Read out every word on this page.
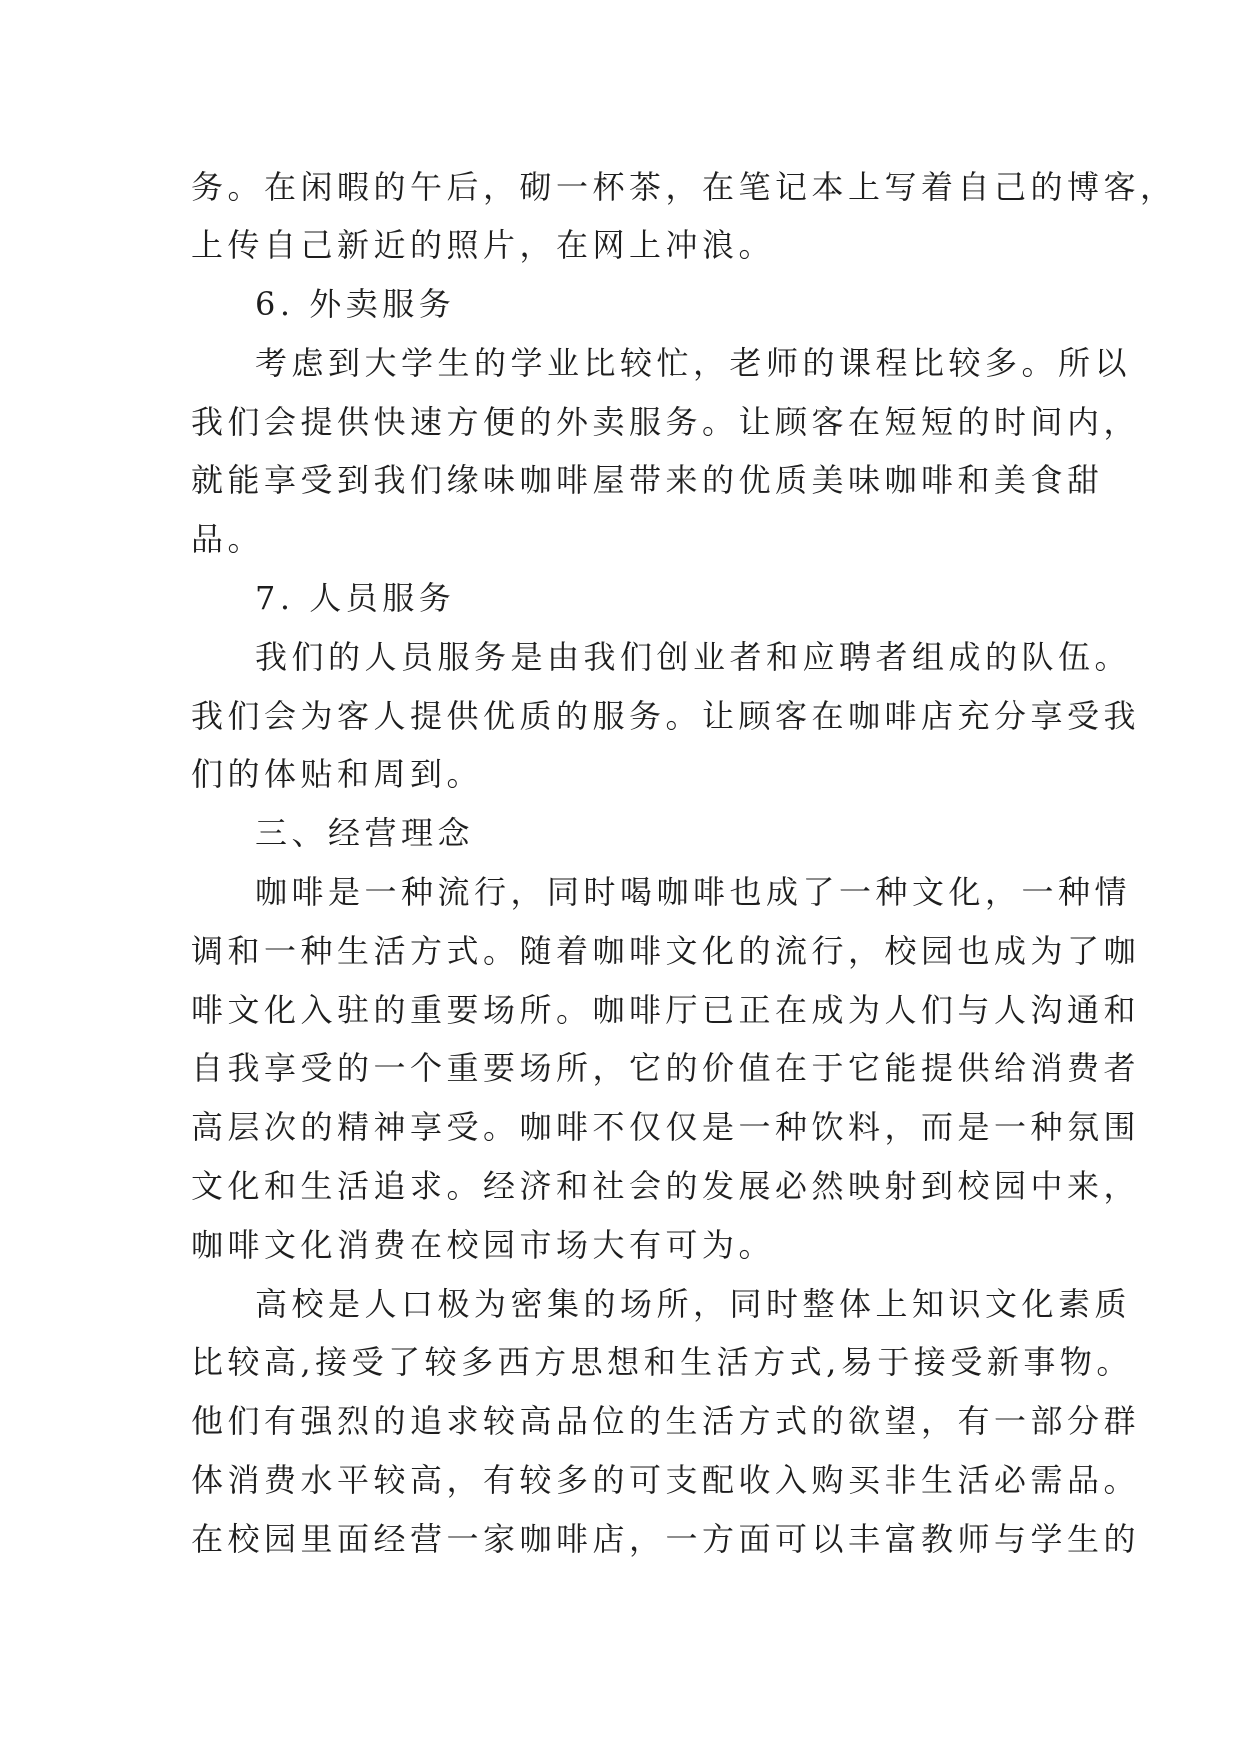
务。在闲暇的午后，砌一杯茶，在笔记本上写着自己的博客，
上传自己新近的照片，在网上冲浪。
6. 外卖服务
考虑到大学生的学业比较忙，老师的课程比较多。所以
我们会提供快速方便的外卖服务。让顾客在短短的时间内，
就能享受到我们缘味咖啡屋带来的优质美味咖啡和美食甜
品。
7. 人员服务
我们的人员服务是由我们创业者和应聘者组成的队伍。
我们会为客人提供优质的服务。让顾客在咖啡店充分享受我
们的体贴和周到。
三、经营理念
咖啡是一种流行，同时喝咖啡也成了一种文化，一种情
调和一种生活方式。随着咖啡文化的流行，校园也成为了咖
啡文化入驻的重要场所。咖啡厅已正在成为人们与人沟通和
自我享受的一个重要场所，它的价值在于它能提供给消费者
高层次的精神享受。咖啡不仅仅是一种饮料，而是一种氛围
文化和生活追求。经济和社会的发展必然映射到校园中来，
咖啡文化消费在校园市场大有可为。
高校是人口极为密集的场所，同时整体上知识文化素质
比较高,接受了较多西方思想和生活方式,易于接受新事物。
他们有强烈的追求较高品位的生活方式的欲望，有一部分群
体消费水平较高，有较多的可支配收入购买非生活必需品。
在校园里面经营一家咖啡店，一方面可以丰富教师与学生的
